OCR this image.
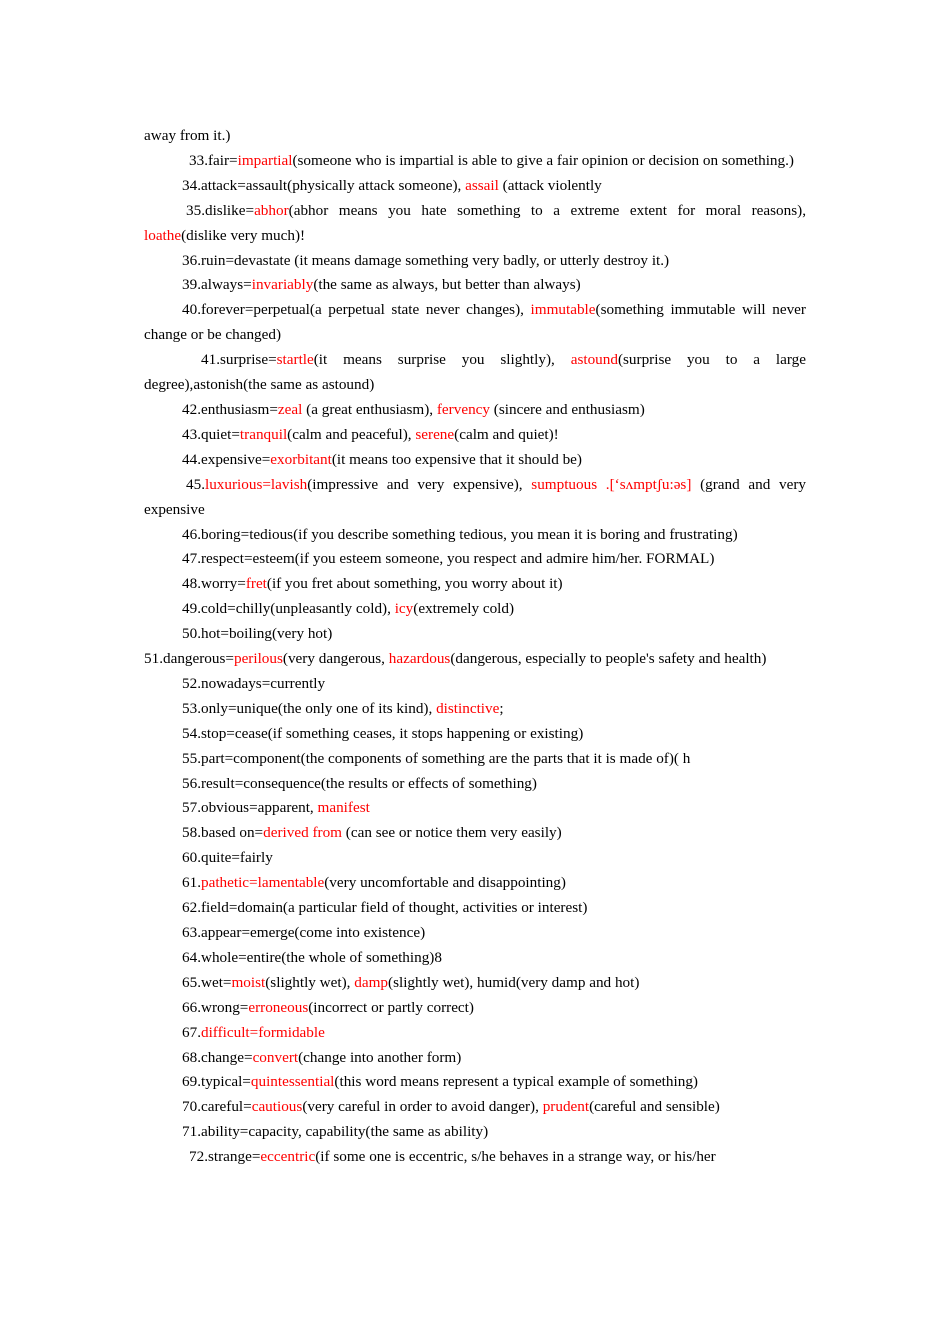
away from it.)

33.fair=impartial(someone who is impartial is able to give a fair opinion or decision on something.)

34.attack=assault(physically attack someone), assail (attack violently

35.dislike=abhor(abhor means you hate something to a extreme extent for moral reasons), loathe(dislike very much)!

36.ruin=devastate (it means damage something very badly, or utterly destroy it.)

39.always=invariably(the same as always, but better than always)

40.forever=perpetual(a perpetual state never changes), immutable(something immutable will never change or be changed)

41.surprise=startle(it means surprise you slightly), astound(surprise you to a large degree),astonish(the same as astound)

42.enthusiasm=zeal (a great enthusiasm), fervency (sincere and enthusiasm)

43.quiet=tranquil(calm and peaceful), serene(calm and quiet)!

44.expensive=exorbitant(it means too expensive that it should be)

45.luxurious=lavish(impressive and very expensive), sumptuous .[‘sʌmptʃu:əs] (grand and very expensive

46.boring=tedious(if you describe something tedious, you mean it is boring and frustrating)

47.respect=esteem(if you esteem someone, you respect and admire him/her. FORMAL)

48.worry=fret(if you fret about something, you worry about it)

49.cold=chilly(unpleasantly cold), icy(extremely cold)

50.hot=boiling(very hot)

51.dangerous=perilous(very dangerous, hazardous(dangerous, especially to people's safety and health)

52.nowadays=currently

53.only=unique(the only one of its kind), distinctive;

54.stop=cease(if something ceases, it stops happening or existing)

55.part=component(the components of something are the parts that it is made of)( h

56.result=consequence(the results or effects of something)

57.obvious=apparent, manifest

58.based on=derived from (can see or notice them very easily)

60.quite=fairly

61.pathetic=lamentable(very uncomfortable and disappointing)

62.field=domain(a particular field of thought, activities or interest)

63.appear=emerge(come into existence)

64.whole=entire(the whole of something)8

65.wet=moist(slightly wet), damp(slightly wet), humid(very damp and hot)

66.wrong=erroneous(incorrect or partly correct)

67.difficult=formidable

68.change=convert(change into another form)

69.typical=quintessential(this word means represent a typical example of something)

70.careful=cautious(very careful in order to avoid danger), prudent(careful and sensible)

71.ability=capacity, capability(the same as ability)

72.strange=eccentric(if some one is eccentric, s/he behaves in a strange way, or his/her
